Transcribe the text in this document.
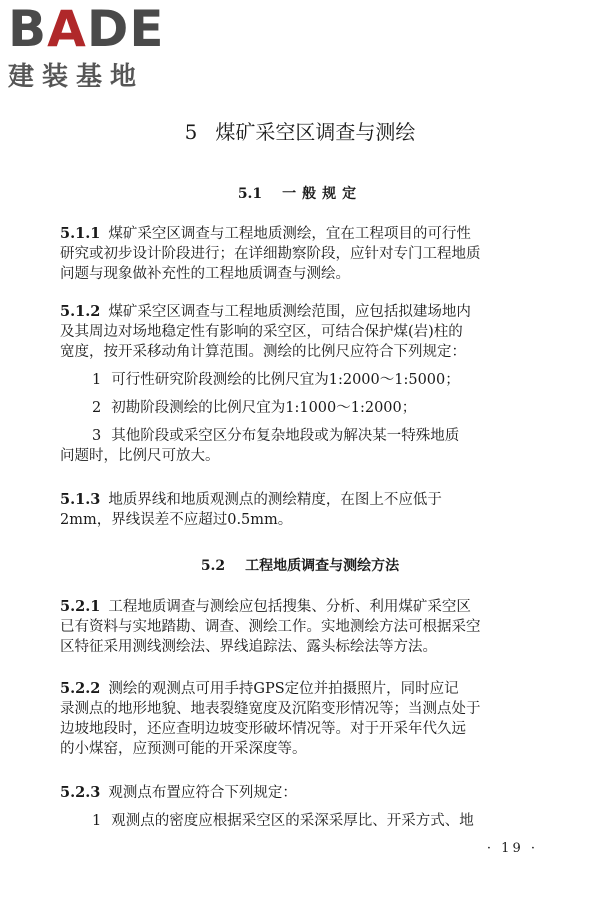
BADE
建装基地
5 煤矿采空区调查与测绘
5.1 一般规定
5.1.1 煤矿采空区调查与工程地质测绘，宜在工程项目的可行性
研究或初步设计阶段进行；在详细勘察阶段，应针对专门工程地质
问题与现象做补充性的工程地质调查与测绘。
5.1.2 煤矿采空区调查与工程地质测绘范围，应包括拟建场地内
及其周边对场地稳定性有影响的采空区，可结合保护煤(岩)柱的
宽度，按开采移动角计算范围。测绘的比例尺应符合下列规定：
1 可行性研究阶段测绘的比例尺宜为1:2000～1:5000；
2 初勘阶段测绘的比例尺宜为1:1000～1:2000；
3 其他阶段或采空区分布复杂地段或为解决某一特殊地质
问题时，比例尺可放大。
5.1.3 地质界线和地质观测点的测绘精度，在图上不应低于
2mm，界线误差不应超过0.5mm。
5.2 工程地质调查与测绘方法
5.2.1 工程地质调查与测绘应包括搜集、分析、利用煤矿采空区
已有资料与实地踏勘、调查、测绘工作。实地测绘方法可根据采空
区特征采用测线测绘法、界线追踪法、露头标绘法等方法。
5.2.2 测绘的观测点可用手持GPS定位并拍摄照片，同时应记
录测点的地形地貌、地表裂缝宽度及沉陷变形情况等；当测点处于
边坡地段时，还应查明边坡变形破坏情况等。对于开采年代久远
的小煤窑，应预测可能的开采深度等。
5.2.3 观测点布置应符合下列规定：
1 观测点的密度应根据采空区的采深采厚比、开采方式、地
· 19 ·
